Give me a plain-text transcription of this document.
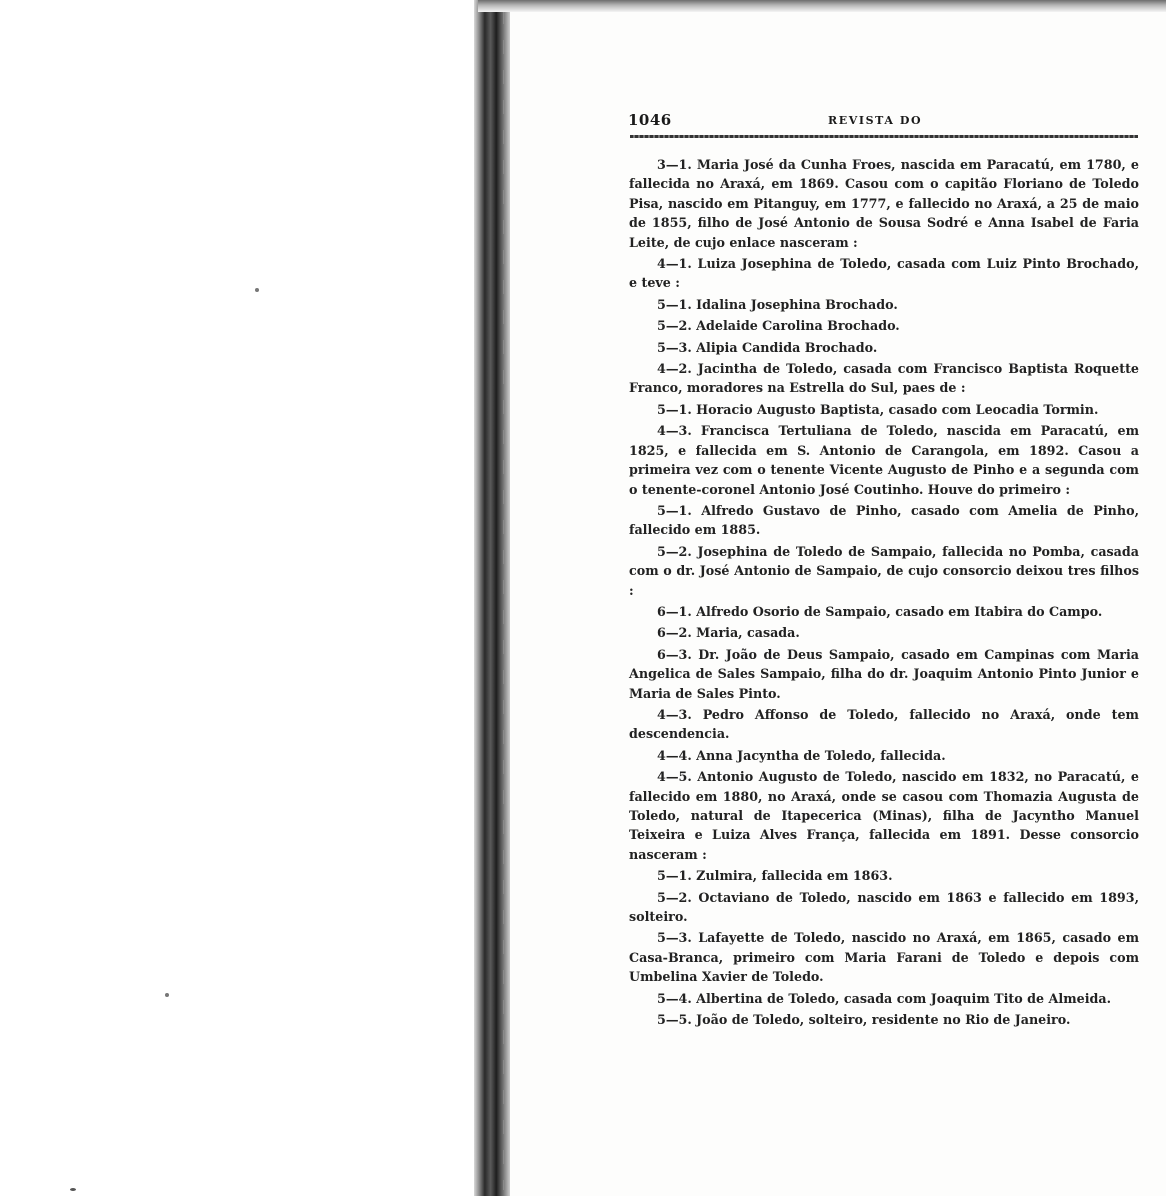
1046	REVISTA DO

3—1. Maria José da Cunha Froes, nascida em Paracatú, em 1780, e fallecida no Araxá, em 1869. Casou com o capitão Floriano de Toledo Pisa, nascido em Pitanguy, em 1777, e fallecido no Araxá, a 25 de maio de 1855, filho de José Antonio de Sousa Sodré e Anna Isabel de Faria Leite, de cujo enlace nasceram :

4—1. Luiza Josephina de Toledo, casada com Luiz Pinto Brochado, e teve :

5—1. Idalina Josephina Brochado.

5—2. Adelaide Carolina Brochado.

5—3. Alipia Candida Brochado.

4—2. Jacintha de Toledo, casada com Francisco Baptista Roquette Franco, moradores na Estrella do Sul, paes de :

5—1. Horacio Augusto Baptista, casado com Leocadia Tormin.

4—3. Francisca Tertuliana de Toledo, nascida em Paracatú, em 1825, e fallecida em S. Antonio de Carangola, em 1892. Casou a primeira vez com o tenente Vicente Augusto de Pinho e a segunda com o tenente-coronel Antonio José Coutinho. Houve do primeiro :

5—1. Alfredo Gustavo de Pinho, casado com Amelia de Pinho, fallecido em 1885.

5—2. Josephina de Toledo de Sampaio, fallecida no Pomba, casada com o dr. José Antonio de Sampaio, de cujo consorcio deixou tres filhos :

6—1. Alfredo Osorio de Sampaio, casado em Itabira do Campo.

6—2. Maria, casada.

6—3. Dr. João de Deus Sampaio, casado em Campinas com Maria Angelica de Sales Sampaio, filha do dr. Joaquim Antonio Pinto Junior e Maria de Sales Pinto.

4—3. Pedro Affonso de Toledo, fallecido no Araxá, onde tem descendencia.

4—4. Anna Jacyntha de Toledo, fallecida.

4—5. Antonio Augusto de Toledo, nascido em 1832, no Paracatú, e fallecido em 1880, no Araxá, onde se casou com Thomazia Augusta de Toledo, natural de Itapecerica (Minas), filha de Jacyntho Manuel Teixeira e Luiza Alves França, fallecida em 1891. Desse consorcio nasceram :

5—1. Zulmira, fallecida em 1863.

5—2. Octaviano de Toledo, nascido em 1863 e fallecido em 1893, solteiro.

5—3. Lafayette de Toledo, nascido no Araxá, em 1865, casado em Casa-Branca, primeiro com Maria Farani de Toledo e depois com Umbelina Xavier de Toledo.

5—4. Albertina de Toledo, casada com Joaquim Tito de Almeida.

5—5. João de Toledo, solteiro, residente no Rio de Janeiro.
